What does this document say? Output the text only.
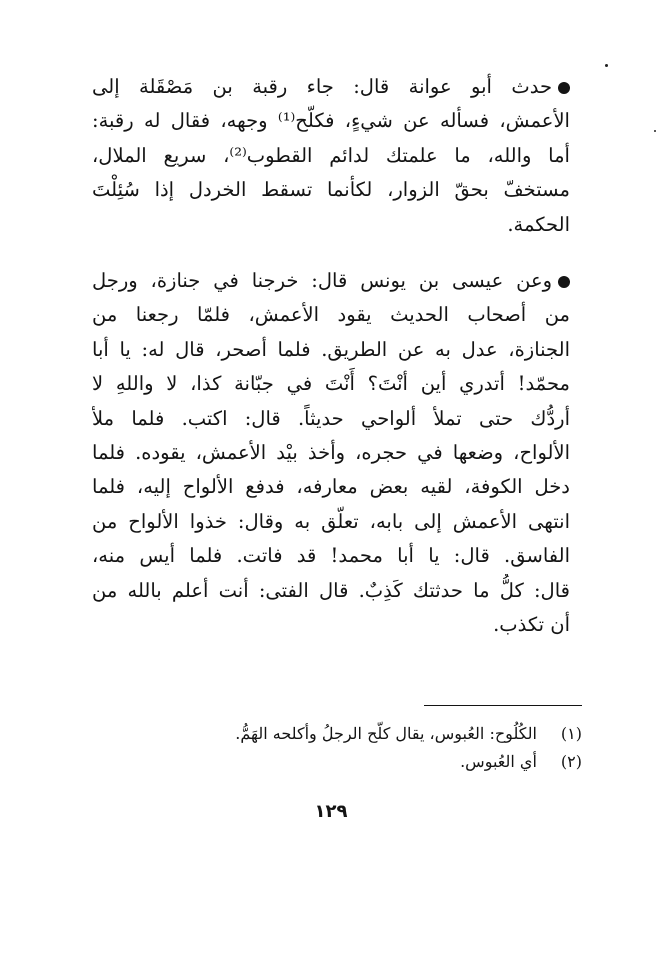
حدث أبو عوانة قال: جاء رقبة بن مَصْقَلة إلى
الأعمش، فسأله عن شيءٍ، فكلّح⁽¹⁾ وجهه، فقال له رقبة:
أما والله، ما علمتك لدائم القطوب⁽²⁾، سريع الملال،
مستخفّ بحقّ الزوار، لكأنما تسقط الخردل إذا سُئِلْتَ
الحكمة.
وعن عيسى بن يونس قال: خرجنا في جنازة، ورجل
من أصحاب الحديث يقود الأعمش، فلمّا رجعنا من
الجنازة، عدل به عن الطريق. فلما أصحر، قال له: يا أبا
محمّد! أتدري أين أنْتَ؟ أَنْتَ في جبّانة كذا، لا واللهِ لا
أردُّك حتى تملأ ألواحي حديثاً. قال: اكتب. فلما ملأ
الألواح، وضعها في حجره، وأخذ بيْد الأعمش، يقوده. فلما
دخل الكوفة، لقيه بعض معارفه، فدفع الألواح إليه، فلما
انتهى الأعمش إلى بابه، تعلّق به وقال: خذوا الألواح من
الفاسق. قال: يا أبا محمد! قد فاتت. فلما أيس منه،
قال: كلُّ ما حدثتك كَذِبٌ. قال الفتى: أنت أعلم بالله من
أن تكذب.
(١) الكُلُوح: العُبوس، يقال كلّح الرجلُ وأكلحه الهَمُّ.
(٢) أي العُبوس.
١٢٩
